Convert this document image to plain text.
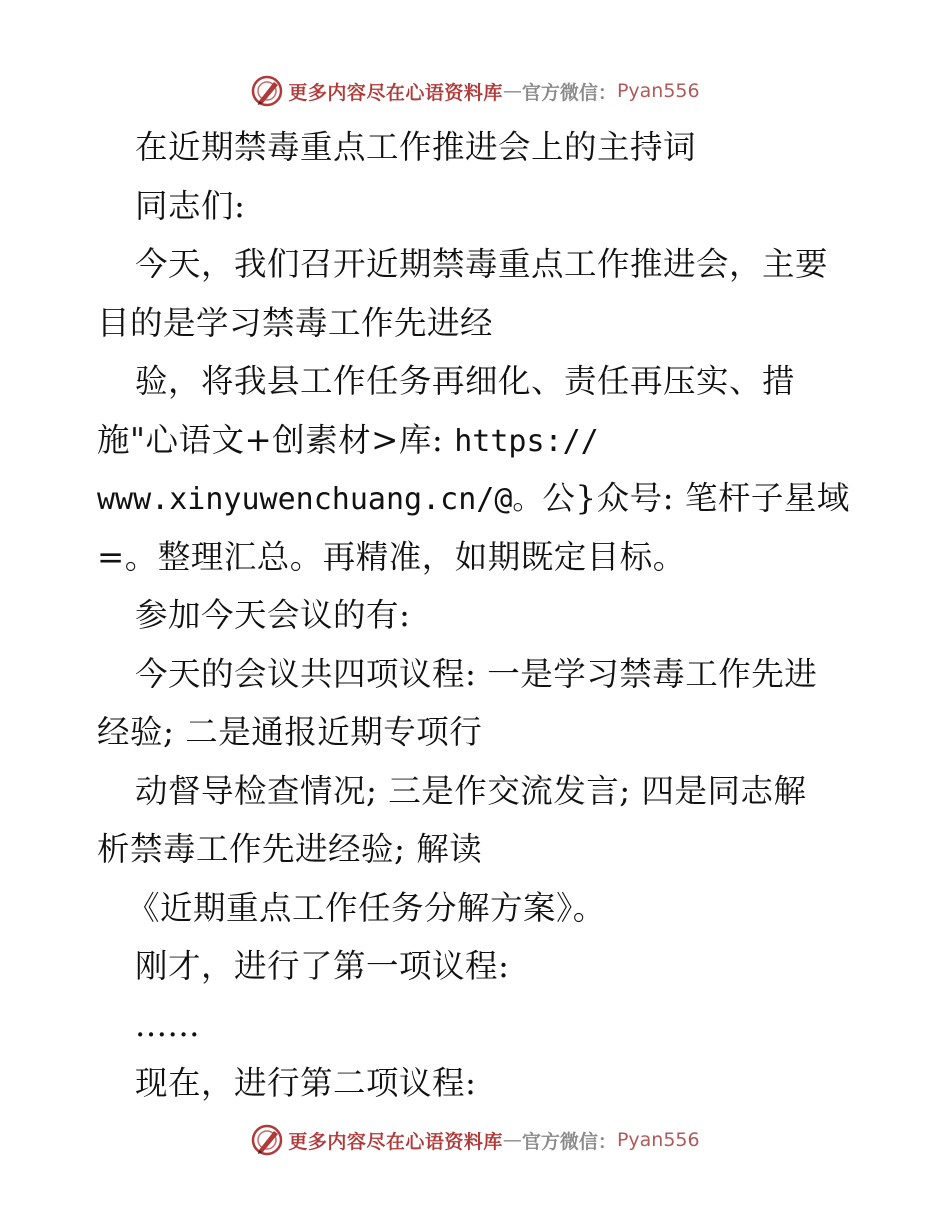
更多内容尽在心语资料库 — 官方微信： Pyan556
在近期禁毒重点工作推进会上的主持词
同志们:
今天，我们召开近期禁毒重点工作推进会，主要
目的是学习禁毒工作先进经
验，将我县工作任务再细化、责任再压实、措
施"心语文+创素材>库: https://
www.xinyuwenchuang.cn/@。公}众号: 笔杆子星域
=。整理汇总。再精准，如期既定目标。
参加今天会议的有:
今天的会议共四项议程: 一是学习禁毒工作先进
经验; 二是通报近期专项行
动督导检查情况; 三是作交流发言; 四是同志解
析禁毒工作先进经验; 解读
《近期重点工作任务分解方案》。
刚才，进行了第一项议程:
......
现在，进行第二项议程:
更多内容尽在心语资料库 — 官方微信： Pyan556
